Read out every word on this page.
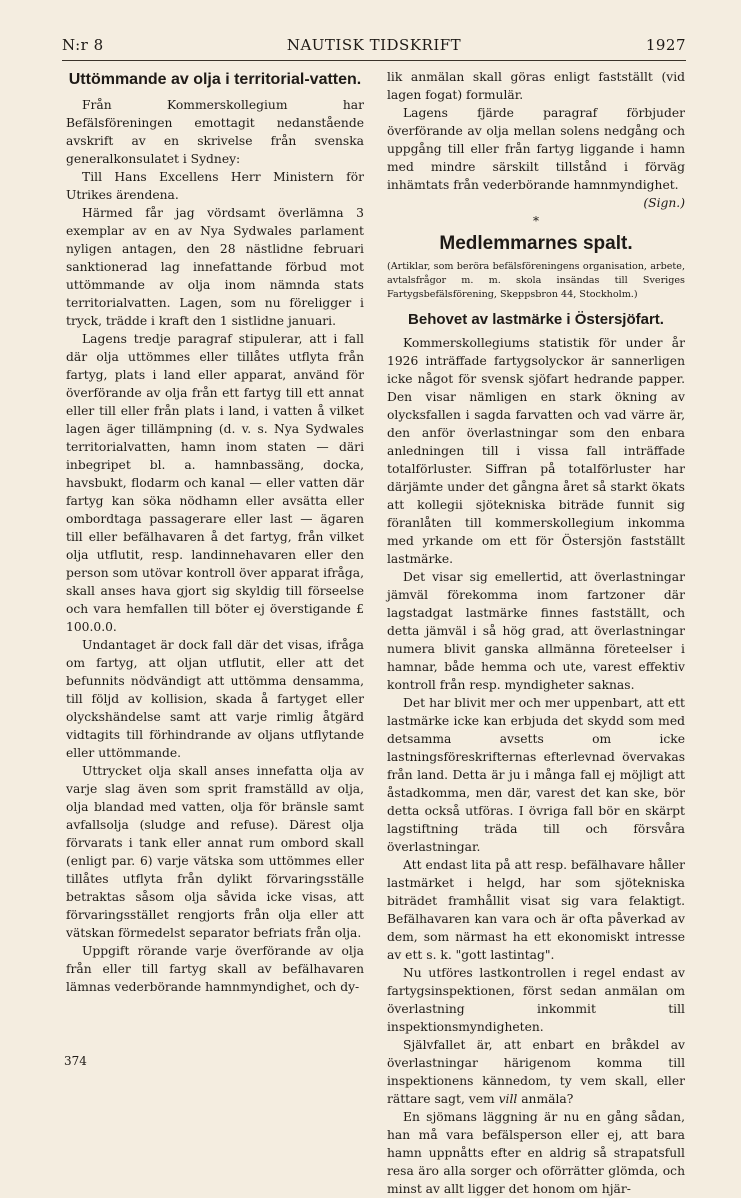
N:r 8	NAUTISK TIDSKRIFT	1927
Uttömmande av olja i territorial-vatten.

Från Kommerskollegium har Befälsföreningen emottagit nedanstående avskrift av en skrivelse från svenska generalkonsulatet i Sydney:

Till Hans Excellens Herr Ministern för Utrikes ärendena.

Härmed får jag vördsamt överlämna 3 exemplar av en av Nya Sydwales parlament nyligen antagen, den 28 nästlidne februari sanktionerad lag innefattande förbud mot uttömmande av olja inom nämnda stats territorialvatten. Lagen, som nu föreligger i tryck, trädde i kraft den 1 sistlidne januari.

Lagens tredje paragraf stipulerar, att i fall där olja uttömmes eller tillåtes utflyta från fartyg, plats i land eller apparat, använd för överförande av olja från ett fartyg till ett annat eller till eller från plats i land, i vatten å vilket lagen äger tillämpning (d. v. s. Nya Sydwales territorialvatten, hamn inom staten — däri inbegripet bl. a. hamnbassäng, docka, havsbukt, flodarm och kanal — eller vatten där fartyg kan söka nödhamn eller avsätta eller ombordtaga passagerare eller last — ägaren till eller befälhavaren å det fartyg, från vilket olja utflutit, resp. landinnehavaren eller den person som utövar kontroll över apparat ifråga, skall anses hava gjort sig skyldig till förseelse och vara hemfallen till böter ej överstigande £ 100.0.0.

Undantaget är dock fall där det visas, ifråga om fartyg, att oljan utflutit, eller att det befunnits nödvändigt att uttömma densamma, till följd av kollision, skada å fartyget eller olyckshändelse samt att varje rimlig åtgärd vidtagits till förhindrande av oljans utflytande eller uttömmande.

Uttrycket olja skall anses innefatta olja av varje slag även som sprit framställd av olja, olja blandad med vatten, olja för bränsle samt avfallsolja (sludge and refuse). Därest olja förvarats i tank eller annat rum ombord skall (enligt par. 6) varje vätska som uttömmes eller tillåtes utflyta från dylikt förvaringsställe betraktas såsom olja såvida icke visas, att förvaringsstället rengjorts från olja eller att vätskan förmedelst separator befriats från olja.

Uppgift rörande varje överförande av olja från eller till fartyg skall av befälhavaren lämnas vederbörande hamnmyndighet, och dy-

lik anmälan skall göras enligt fastställt (vid lagen fogat) formulär.

Lagens fjärde paragraf förbjuder överförande av olja mellan solens nedgång och uppgång till eller från fartyg liggande i hamn med mindre särskilt tillstånd i förväg inhämtats från vederbörande hamnmyndighet.

(Sign.)

*

Medlemmarnes spalt.

(Artiklar, som beröra befälsföreningens organisation, arbete, avtalsfrågor m. m. skola insändas till Sveriges Fartygsbefälsförening, Skeppsbron 44, Stockholm.)

Behovet av lastmärke i Östersjöfart.

Kommerskollegiums statistik för under år 1926 inträffade fartygsolyckor är sannerligen icke något för svensk sjöfart hedrande papper. Den visar nämligen en stark ökning av olycksfallen i sagda farvatten och vad värre är, den anför överlastningar som den enbara anledningen till i vissa fall inträffade totalförluster. Siffran på totalförluster har därjämte under det gångna året så starkt ökats att kollegii sjötekniska biträde funnit sig föranlåten till kommerskollegium inkomma med yrkande om ett för Östersjön fastställt lastmärke.

Det visar sig emellertid, att överlastningar jämväl förekomma inom fartzoner där lagstadgat lastmärke finnes fastställt, och detta jämväl i så hög grad, att överlastningar numera blivit ganska allmänna företeelser i hamnar, både hemma och ute, varest effektiv kontroll från resp. myndigheter saknas.

Det har blivit mer och mer uppenbart, att ett lastmärke icke kan erbjuda det skydd som med detsamma avsetts om icke lastningsföreskrifternas efterlevnad övervakas från land. Detta är ju i många fall ej möjligt att åstadkomma, men där, varest det kan ske, bör detta också utföras. I övriga fall bör en skärpt lagstiftning träda till och försvåra överlastningar.

Att endast lita på att resp. befälhavare håller lastmärket i helgd, har som sjötekniska biträdet framhållit visat sig vara felaktigt. Befälhavaren kan vara och är ofta påverkad av dem, som närmast ha ett ekonomiskt intresse av ett s. k. "gott lastintag".

Nu utföres lastkontrollen i regel endast av fartygsinspektionen, först sedan anmälan om överlastning inkommit till inspektionsmyndigheten.

Självfallet är, att enbart en bråkdel av överlastningar härigenom komma till inspektionens kännedom, ty vem skall, eller rättare sagt, vem vill anmäla?

En sjömans läggning är nu en gång sådan, han må vara befälsperson eller ej, att bara hamn uppnåtts efter en aldrig så strapatsfull resa äro alla sorger och oförrätter glömda, och minst av allt ligger det honom om hjär-

374
